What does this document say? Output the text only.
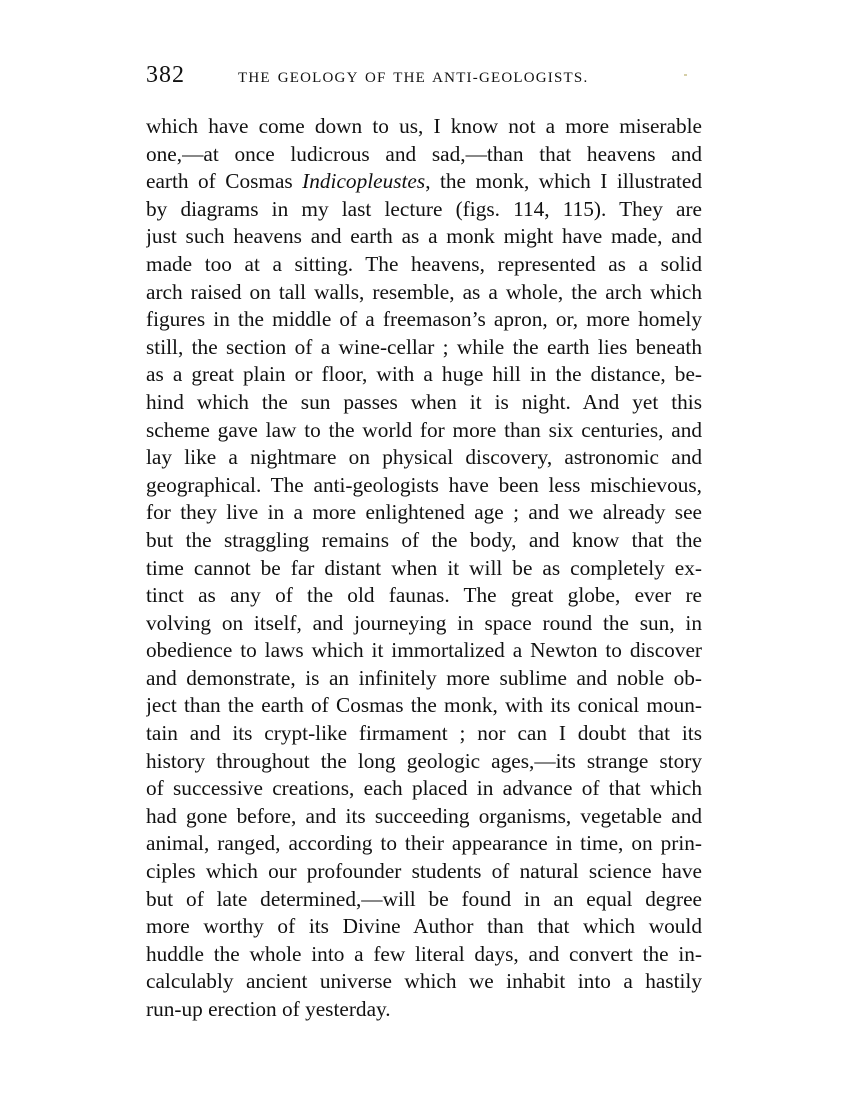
382	THE GEOLOGY OF THE ANTI-GEOLOGISTS.
which have come down to us, I know not a more miserable
one,—at once ludicrous and sad,—than that heavens and
earth of Cosmas Indicopleustes, the monk, which I illustrated
by diagrams in my last lecture (figs. 114, 115). They are
just such heavens and earth as a monk might have made, and
made too at a sitting. The heavens, represented as a solid
arch raised on tall walls, resemble, as a whole, the arch which
figures in the middle of a freemason’s apron, or, more homely
still, the section of a wine-cellar ; while the earth lies beneath
as a great plain or floor, with a huge hill in the distance, be-
hind which the sun passes when it is night. And yet this
scheme gave law to the world for more than six centuries, and
lay like a nightmare on physical discovery, astronomic and
geographical. The anti-geologists have been less mischievous,
for they live in a more enlightened age ; and we already see
but the straggling remains of the body, and know that the
time cannot be far distant when it will be as completely ex-
tinct as any of the old faunas. The great globe, ever re
volving on itself, and journeying in space round the sun, in
obedience to laws which it immortalized a Newton to discover
and demonstrate, is an infinitely more sublime and noble ob-
ject than the earth of Cosmas the monk, with its conical moun-
tain and its crypt-like firmament ; nor can I doubt that its
history throughout the long geologic ages,—its strange story
of successive creations, each placed in advance of that which
had gone before, and its succeeding organisms, vegetable and
animal, ranged, according to their appearance in time, on prin-
ciples which our profounder students of natural science have
but of late determined,—will be found in an equal degree
more worthy of its Divine Author than that which would
huddle the whole into a few literal days, and convert the in-
calculably ancient universe which we inhabit into a hastily
run-up erection of yesterday.
